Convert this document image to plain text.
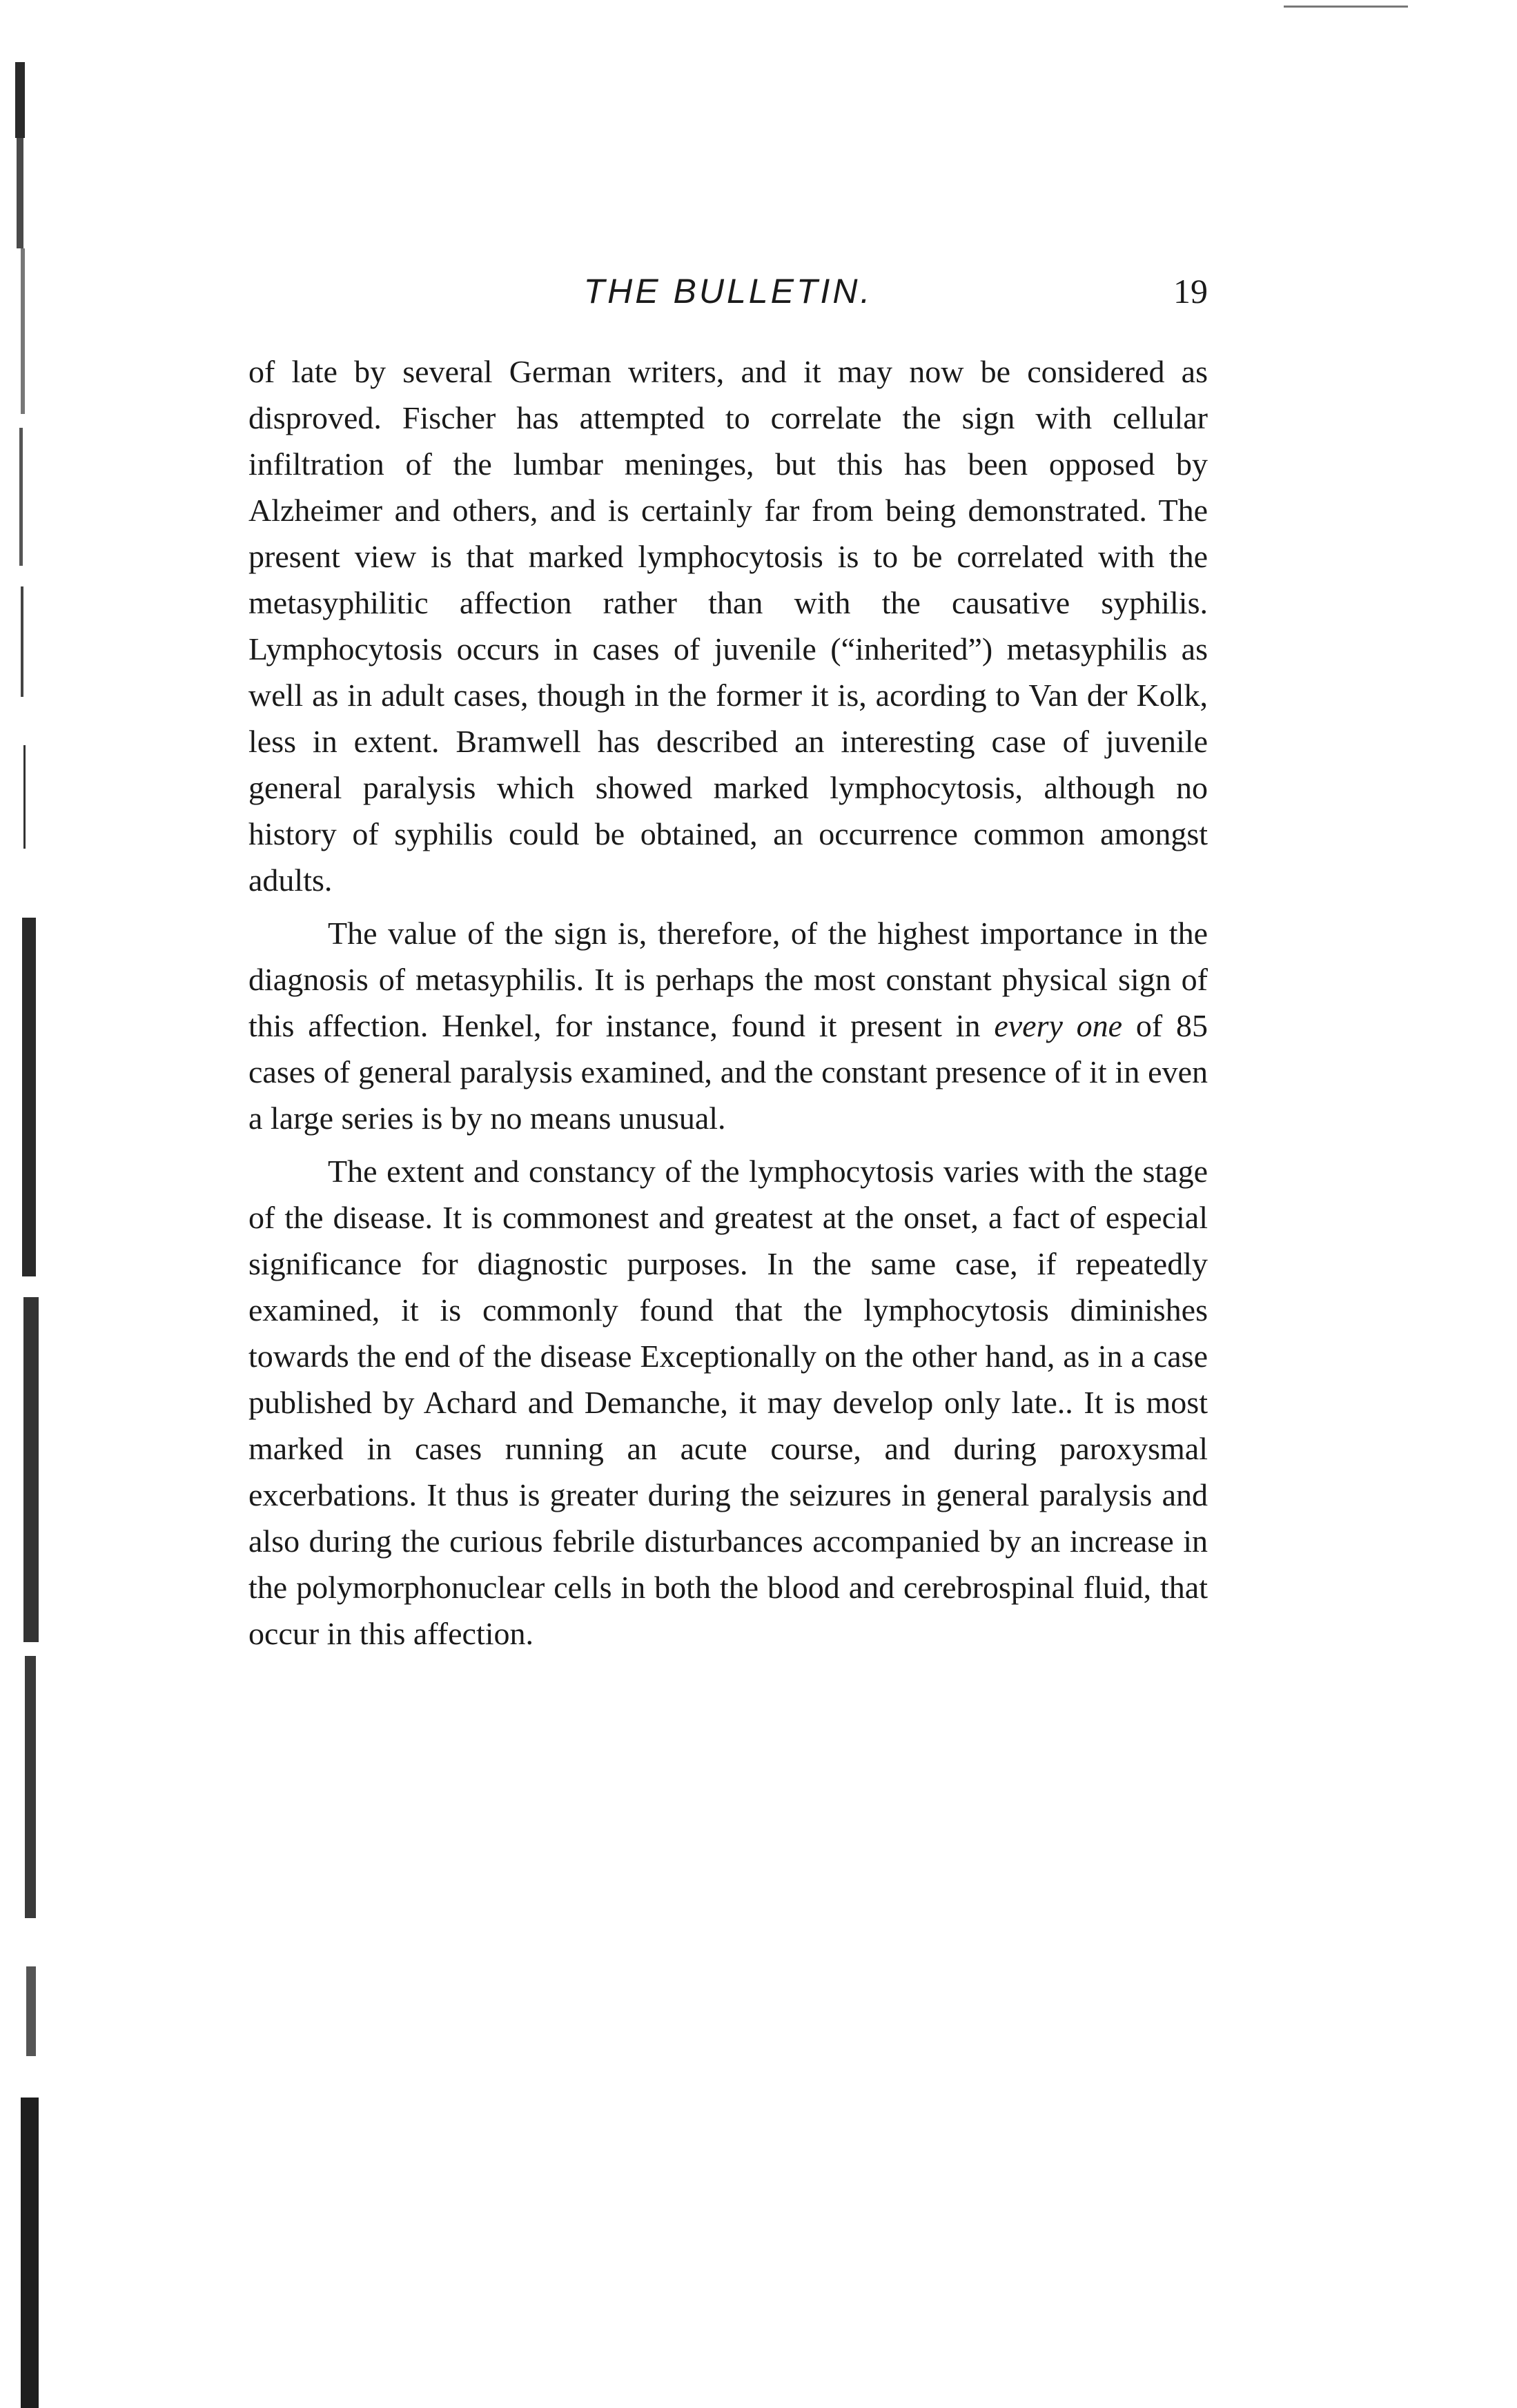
THE BULLETIN.	19

of late by several German writers, and it may now be considered as disproved. Fischer has attempted to correlate the sign with cellular infiltration of the lumbar meninges, but this has been opposed by Alzheimer and others, and is certainly far from being demonstrated. The present view is that marked lymphocytosis is to be correlated with the metasyphilitic affection rather than with the causative syphilis. Lymphocytosis occurs in cases of juvenile (“inherited”) metasyphilis as well as in adult cases, though in the former it is, acording to Van der Kolk, less in extent. Bramwell has described an interesting case of juvenile general paralysis which showed marked lymphocytosis, although no history of syphilis could be obtained, an occurrence common amongst adults.

The value of the sign is, therefore, of the highest importance in the diagnosis of metasyphilis. It is perhaps the most constant physical sign of this affection. Henkel, for instance, found it present in every one of 85 cases of general paralysis examined, and the constant presence of it in even a large series is by no means unusual.

The extent and constancy of the lymphocytosis varies with the stage of the disease. It is commonest and greatest at the onset, a fact of especial significance for diagnostic purposes. In the same case, if repeatedly examined, it is commonly found that the lymphocytosis diminishes towards the end of the disease Exceptionally on the other hand, as in a case published by Achard and Demanche, it may develop only late.. It is most marked in cases running an acute course, and during paroxysmal excerbations. It thus is greater during the seizures in general paralysis and also during the curious febrile disturbances accompanied by an increase in the polymorphonuclear cells in both the blood and cerebrospinal fluid, that occur in this affection.
